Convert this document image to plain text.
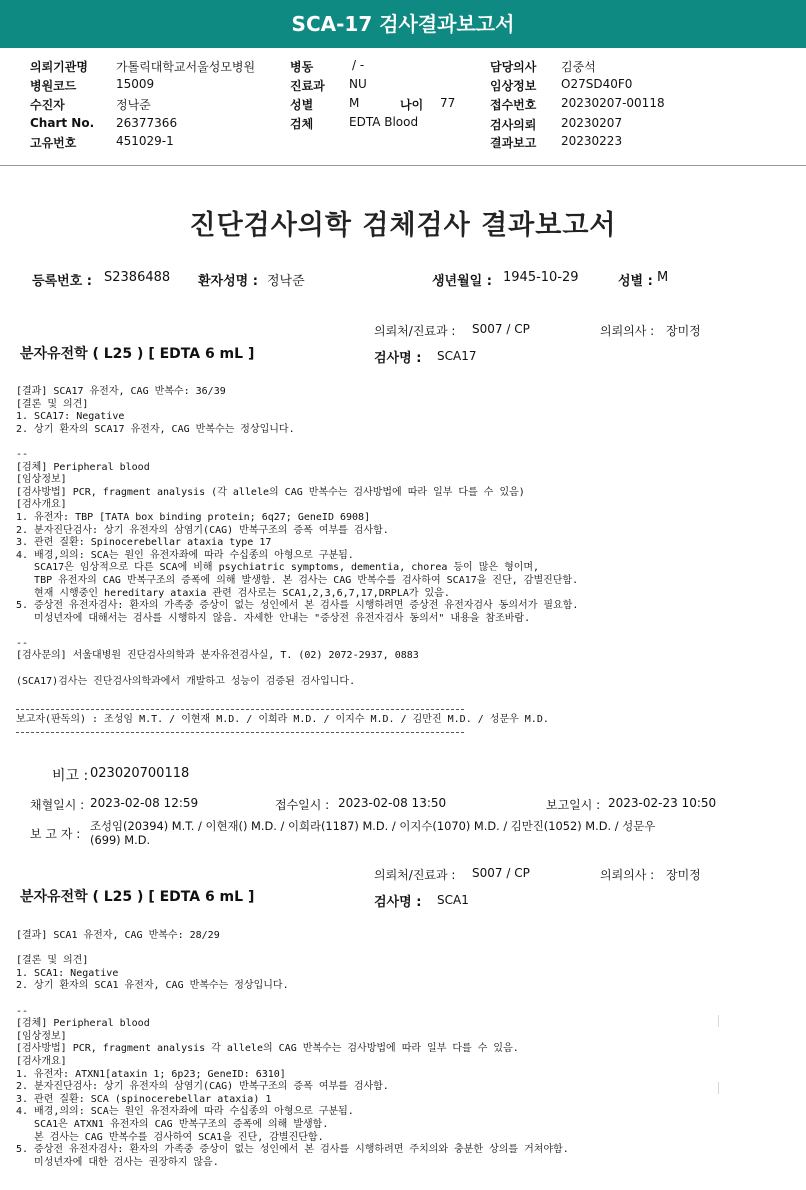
SCA-17 검사결과보고서
의뢰기관명 가톨릭대학교서울성모병원
병원코드	15009
수진자	정낙준
Chart No. 26377366
고유번호	451029-1
병동	/ -
진료과 NU
성별	M	나이 77
검체	EDTA Blood
담당의사 김중석
임상정보 O27SD40F0
접수번호 20230207-00118
검사의뢰 20230207
결과보고 20230223
진단검사의학 검체검사 결과보고서
등록번호 : S2386488 환자성명 : 정낙준	생년월일 : 1945-10-29	성별 : M
의뢰처/진료과 : S007 / CP	의뢰의사 : 장미정
분자유전학 ( L25 ) [ EDTA 6 mL ]	검사명 : SCA17
[결과] SCA17 유전자, CAG 반복수: 36/39
[결론 및 의견]
1. SCA17: Negative
2. 상기 환자의 SCA17 유전자, CAG 반복수는 정상입니다.

--
[검체] Peripheral blood
[임상정보]
[검사방법] PCR, fragment analysis (각 allele의 CAG 반복수는 검사방법에 따라 일부 다를 수 있음)
[검사개요]
1. 유전자: TBP [TATA box binding protein; 6q27; GeneID 6908]
2. 분자진단검사: 상기 유전자의 삼염기(CAG) 반복구조의 증폭 여부를 검사함.
3. 관련 질환: Spinocerebellar ataxia type 17
4. 배경,의의: SCA는 원인 유전자좌에 따라 수십종의 아형으로 구분됨.
SCA17은 임상적으로 다른 SCA에 비해 psychiatric symptoms, dementia, chorea 등이 많은 형이며,
TBP 유전자의 CAG 반복구조의 증폭에 의해 발생함. 본 검사는 CAG 반복수를 검사하여 SCA17을 진단, 감별진단함.
현재 시행중인 hereditary ataxia 관련 검사로는 SCA1,2,3,6,7,17,DRPLA가 있음.
5. 증상전 유전자검사: 환자의 가족중 증상이 없는 성인에서 본 검사를 시행하려면 증상전 유전자검사 동의서가 필요함.
미성년자에 대해서는 검사를 시행하지 않음. 자세한 안내는 "증상전 유전자검사 동의서" 내용을 참조바람.

--
[검사문의] 서울대병원 진단검사의학과 분자유전검사실, T. (02) 2072-2937, 0883

(SCA17)검사는 진단검사의학과에서 개발하고 성능이 검증된 검사입니다.
보고자(판독의) : 조성임 M.T. / 이현재 M.D. / 이희라 M.D. / 이지수 M.D. / 김만진 M.D. / 성문우 M.D.
비고 : 023020700118
채혈일시 : 2023-02-08 12:59	접수일시 : 2023-02-08 13:50	보고일시 : 2023-02-23 10:50
보 고 자 :
조성임(20394) M.T. / 이현재() M.D. / 이희라(1187) M.D. / 이지수(1070) M.D. / 김만진(1052) M.D. / 성문우
(699) M.D.
의뢰처/진료과 : S007 / CP	의뢰의사 : 장미정
분자유전학 ( L25 ) [ EDTA 6 mL ]	검사명 : SCA1
[결과] SCA1 유전자, CAG 반복수: 28/29

[결론 및 의견]
1. SCA1: Negative
2. 상기 환자의 SCA1 유전자, CAG 반복수는 정상입니다.

--
[검체] Peripheral blood
[임상정보]
[검사방법] PCR, fragment analysis 각 allele의 CAG 반복수는 검사방법에 따라 일부 다를 수 있음.
[검사개요]
1. 유전자: ATXN1[ataxin 1; 6p23; GeneID: 6310]
2. 분자진단검사: 상기 유전자의 삼염기(CAG) 반복구조의 증폭 여부를 검사함.
3. 관련 질환: SCA (spinocerebellar ataxia) 1
4. 배경,의의: SCA는 원인 유전자좌에 따라 수십종의 아형으로 구분됨.
SCA1은 ATXN1 유전자의 CAG 반복구조의 증폭에 의해 발생함.
본 검사는 CAG 반복수를 검사하여 SCA1을 진단, 감별진단함.
5. 증상전 유전자검사: 환자의 가족중 증상이 없는 성인에서 본 검사를 시행하려면 주치의와 충분한 상의를 거쳐야함.
미성년자에 대한 검사는 권장하지 않음.
